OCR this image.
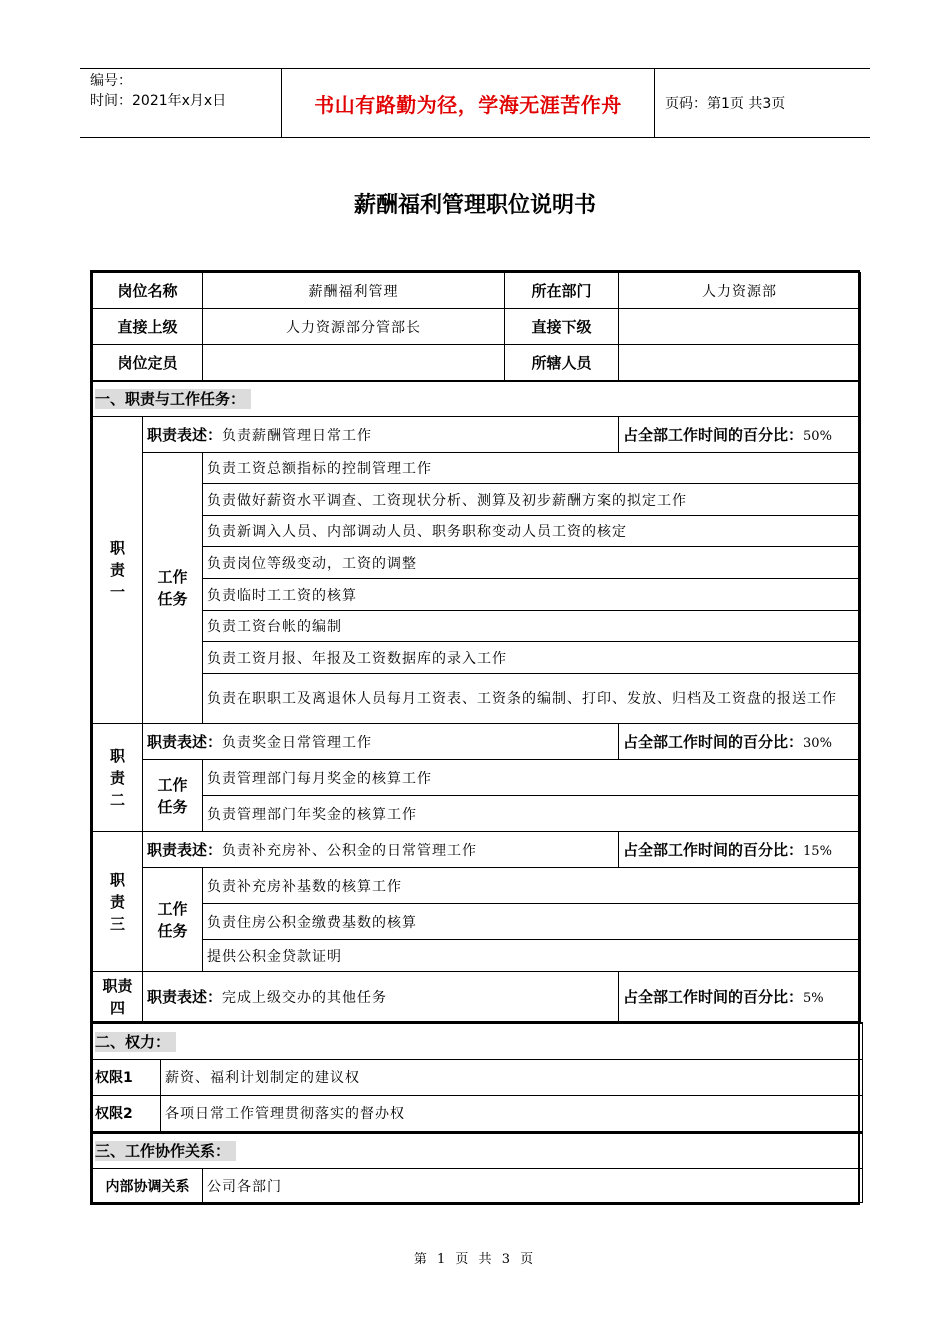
编号：
时间：2021年x月x日	书山有路勤为径，学海无涯苦作舟	页码：第1页 共3页
薪酬福利管理职位说明书
岗位名称		薪酬福利管理	所在部门	人力资源部
直接上级		人力资源部分管部长	直接下级	
岗位定员			所辖人员	
一、职责与工作任务：				

职
责
一	职责表述：负责薪酬管理日常工作			占全部工作时间的百分比：50%

	工作
任务	负责工资总额指标的控制管理工作		
		负责做好薪资水平调查、工资现状分析、测算及初步薪酬方案的拟定工作		
		负责新调入人员、内部调动人员、职务职称变动人员工资的核定		
		负责岗位等级变动，工资的调整		
		负责临时工工资的核算		
		负责工资台帐的编制		
		负责工资月报、年报及工资数据库的录入工作		
		负责在职职工及离退休人员每月工资表、工资条的编制、打印、发放、归档及工资盘的报送工作		

职
责
二	职责表述：负责奖金日常管理工作			占全部工作时间的百分比：30%

	工作
任务	负责管理部门每月奖金的核算工作		
		负责管理部门年奖金的核算工作		

职
责
三	职责表述：负责补充房补、公积金的日常管理工作			占全部工作时间的百分比：15%

	工作
任务	负责补充房补基数的核算工作		
		负责住房公积金缴费基数的核算		
		提供公积金贷款证明		

职责
四	职责表述：完成上级交办的其他任务			占全部工作时间的百分比：5%
二、权力：	
权限1	薪资、福利计划制定的建议权
权限2	各项日常工作管理贯彻落实的督办权
三、工作协作关系：
内部协调关系	公司各部门
第 1 页 共 3 页
